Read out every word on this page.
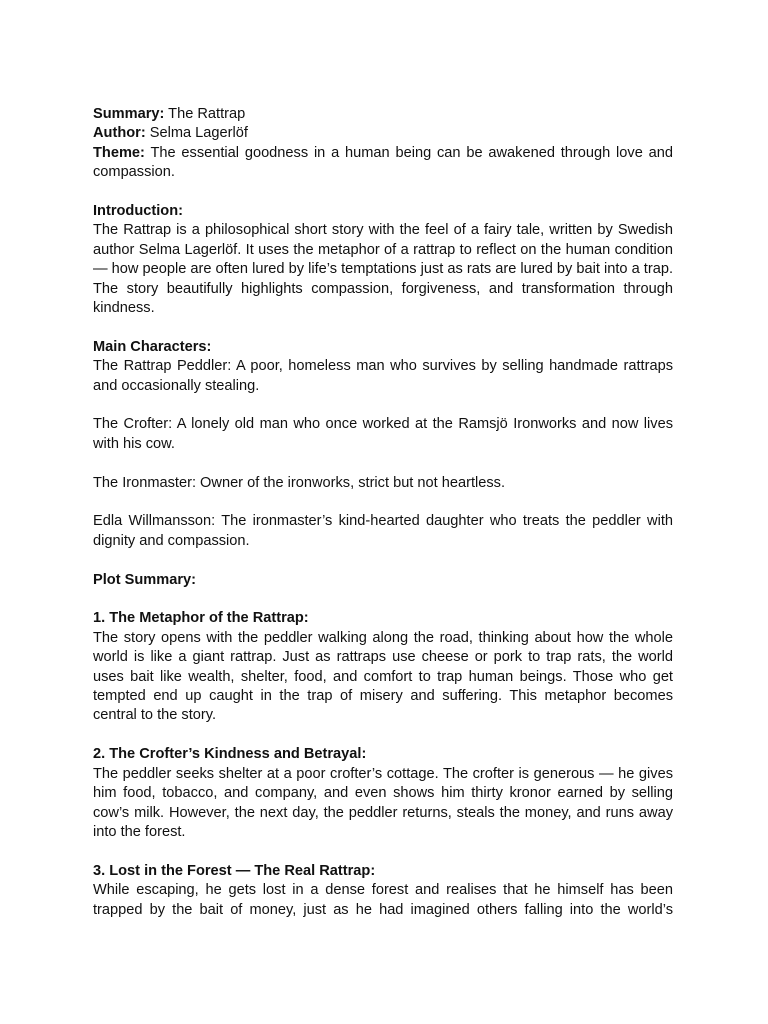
Summary: The Rattrap

Author: Selma Lagerlöf

Theme: The essential goodness in a human being can be awakened through love and compassion.

Introduction:

The Rattrap is a philosophical short story with the feel of a fairy tale, written by Swedish author Selma Lagerlöf. It uses the metaphor of a rattrap to reflect on the human condition — how people are often lured by life’s temptations just as rats are lured by bait into a trap. The story beautifully highlights compassion, forgiveness, and transformation through kindness.

Main Characters:

The Rattrap Peddler: A poor, homeless man who survives by selling handmade rattraps and occasionally stealing.

The Crofter: A lonely old man who once worked at the Ramsjö Ironworks and now lives with his cow.

The Ironmaster: Owner of the ironworks, strict but not heartless.

Edla Willmansson: The ironmaster’s kind-hearted daughter who treats the peddler with dignity and compassion.

Plot Summary:

1. The Metaphor of the Rattrap:

The story opens with the peddler walking along the road, thinking about how the whole world is like a giant rattrap. Just as rattraps use cheese or pork to trap rats, the world uses bait like wealth, shelter, food, and comfort to trap human beings. Those who get tempted end up caught in the trap of misery and suffering. This metaphor becomes central to the story.

2. The Crofter’s Kindness and Betrayal:

The peddler seeks shelter at a poor crofter’s cottage. The crofter is generous — he gives him food, tobacco, and company, and even shows him thirty kronor earned by selling cow’s milk. However, the next day, the peddler returns, steals the money, and runs away into the forest.

3. Lost in the Forest — The Real Rattrap:

While escaping, he gets lost in a dense forest and realises that he himself has been trapped by the bait of money, just as he had imagined others falling into the world’s
